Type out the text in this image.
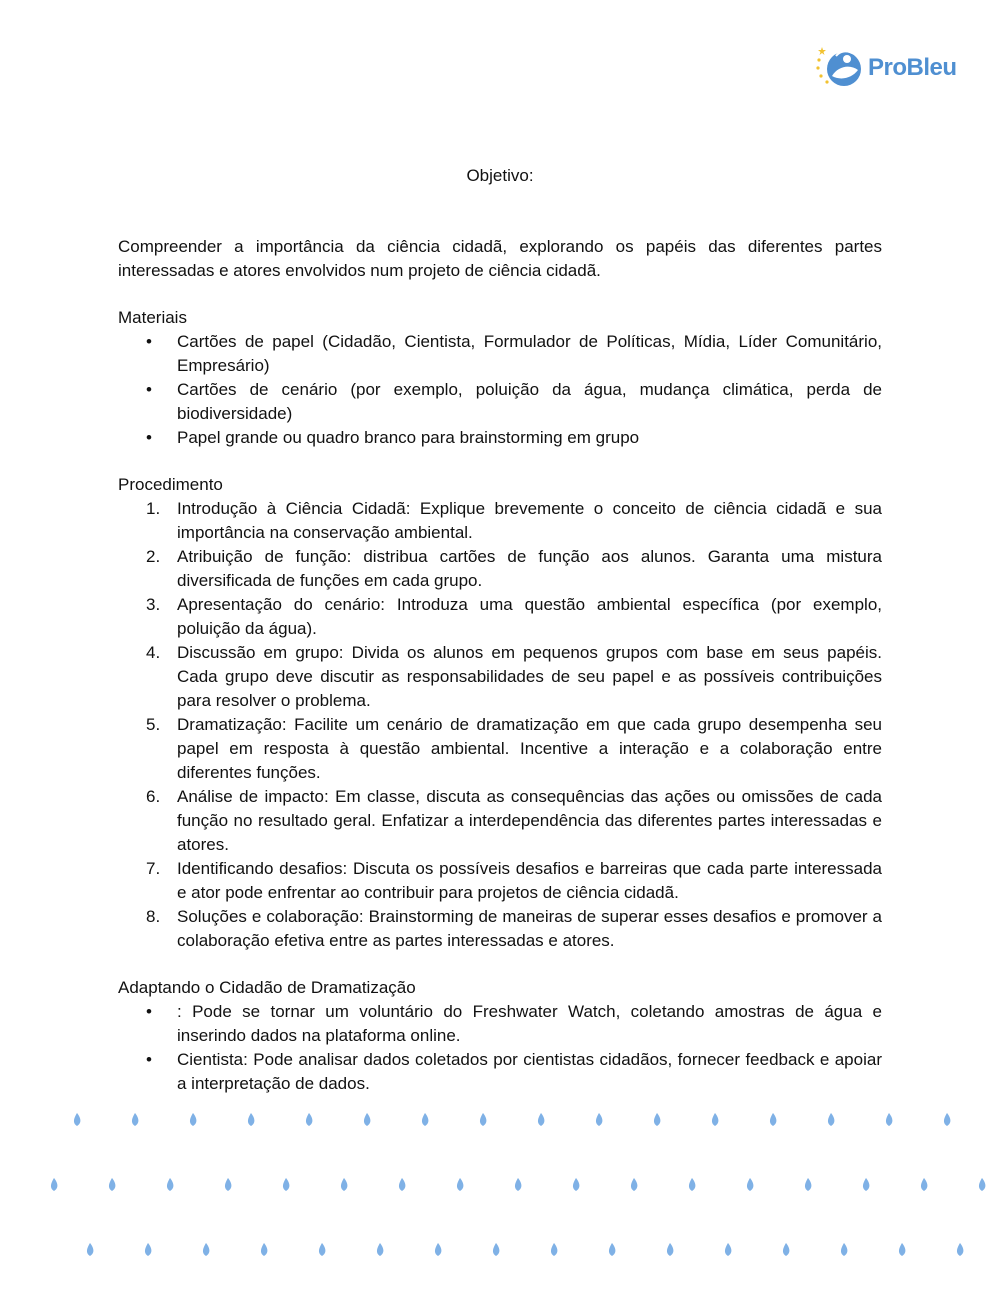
ProBleu
Objetivo:

Compreender a importância da ciência cidadã, explorando os papéis das diferentes partes interessadas e atores envolvidos num projeto de ciência cidadã.

Materiais

• Cartões de papel (Cidadão, Cientista, Formulador de Políticas, Mídia, Líder Comunitário, Empresário)
• Cartões de cenário (por exemplo, poluição da água, mudança climática, perda de biodiversidade)
• Papel grande ou quadro branco para brainstorming em grupo

Procedimento

1. Introdução à Ciência Cidadã: Explique brevemente o conceito de ciência cidadã e sua importância na conservação ambiental.
2. Atribuição de função: distribua cartões de função aos alunos. Garanta uma mistura diversificada de funções em cada grupo.
3. Apresentação do cenário: Introduza uma questão ambiental específica (por exemplo, poluição da água).
4. Discussão em grupo: Divida os alunos em pequenos grupos com base em seus papéis. Cada grupo deve discutir as responsabilidades de seu papel e as possíveis contribuições para resolver o problema.
5. Dramatização: Facilite um cenário de dramatização em que cada grupo desempenha seu papel em resposta à questão ambiental. Incentive a interação e a colaboração entre diferentes funções.
6. Análise de impacto: Em classe, discuta as consequências das ações ou omissões de cada função no resultado geral. Enfatizar a interdependência das diferentes partes interessadas e atores.
7. Identificando desafios: Discuta os possíveis desafios e barreiras que cada parte interessada e ator pode enfrentar ao contribuir para projetos de ciência cidadã.
8. Soluções e colaboração: Brainstorming de maneiras de superar esses desafios e promover a colaboração efetiva entre as partes interessadas e atores.

Adaptando o Cidadão de Dramatização

• : Pode se tornar um voluntário do Freshwater Watch, coletando amostras de água e inserindo dados na plataforma online.
• Cientista: Pode analisar dados coletados por cientistas cidadãos, fornecer feedback e apoiar a interpretação de dados.
